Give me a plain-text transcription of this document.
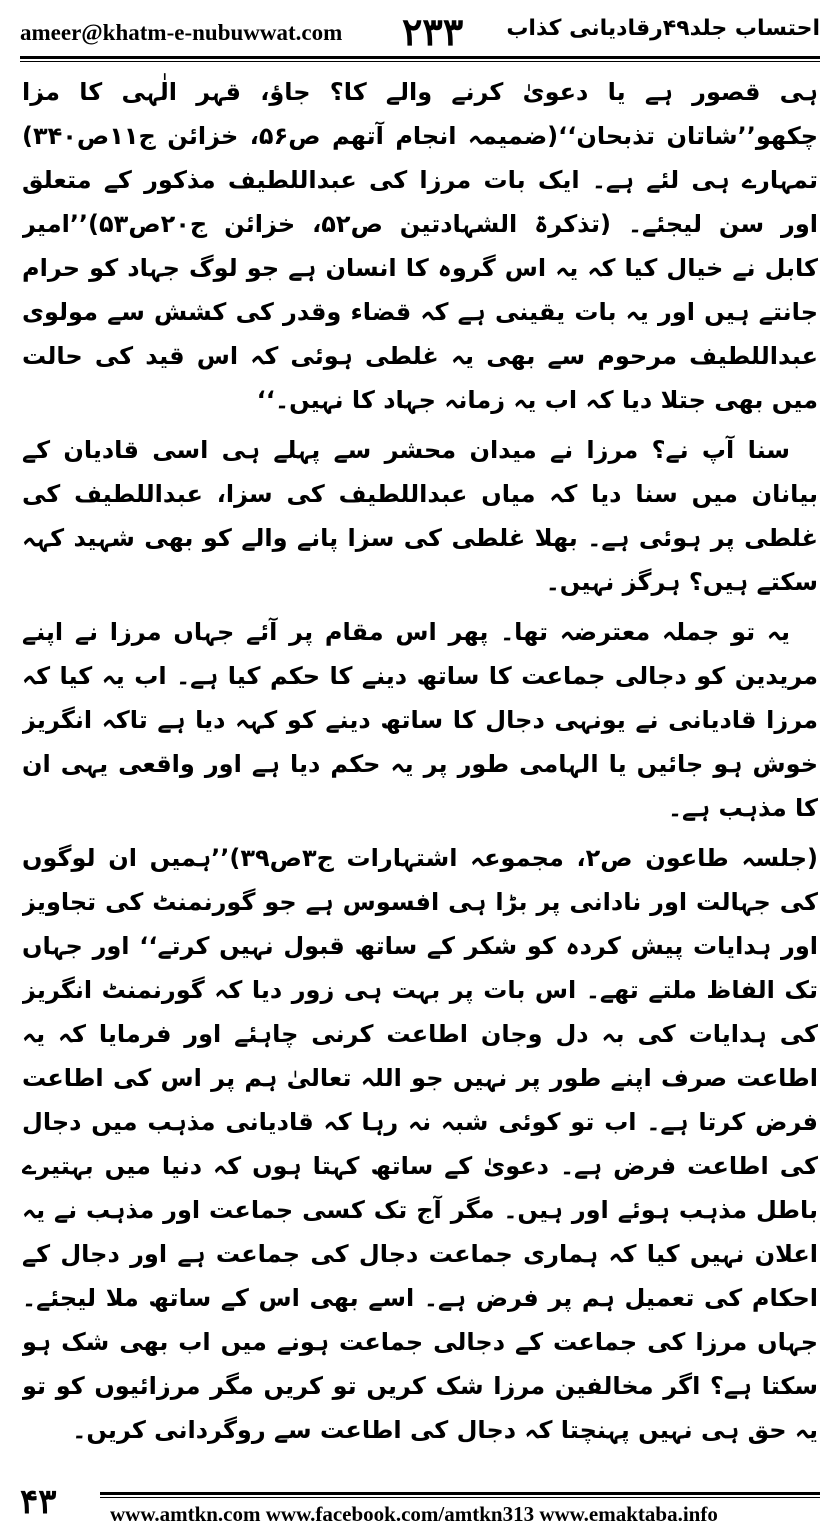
ameer@khatm-e-nubuwwat.com ۲۳۳ احتساب جلد۴۹رقادیانی کذاب

ہی قصور ہے یا دعویٰ کرنے والے کا؟ جاؤ، قہر الٰہی کا مزا چکھو’’شاتان تذبحان‘‘(ضمیمہ انجام آتھم ص۵۶، خزائن ج۱۱ص۳۴۰) تمہارے ہی لئے ہے۔ ایک بات مرزا کی عبداللطیف مذکور کے متعلق اور سن لیجئے۔ (تذکرۃ الشہادتین ص۵۲، خزائن ج۲۰ص۵۳)’’امیر کابل نے خیال کیا کہ یہ اس گروہ کا انسان ہے جو لوگ جہاد کو حرام جانتے ہیں اور یہ بات یقینی ہے کہ قضاء وقدر کی کشش سے مولوی عبداللطیف مرحوم سے بھی یہ غلطی ہوئی کہ اس قید کی حالت میں بھی جتلا دیا کہ اب یہ زمانہ جہاد کا نہیں۔‘‘

سنا آپ نے؟ مرزا نے میدان محشر سے پہلے ہی اسی قادیان کے بیانان میں سنا دیا کہ میاں عبداللطیف کی سزا، عبداللطیف کی غلطی پر ہوئی ہے۔ بھلا غلطی کی سزا پانے والے کو بھی شہید کہہ سکتے ہیں؟ ہرگز نہیں۔

یہ تو جملہ معترضہ تھا۔ پھر اس مقام پر آئے جہاں مرزا نے اپنے مریدین کو دجالی جماعت کا ساتھ دینے کا حکم کیا ہے۔ اب یہ کیا کہ مرزا قادیانی نے یونہی دجال کا ساتھ دینے کو کہہ دیا ہے تاکہ انگریز خوش ہو جائیں یا الہامی طور پر یہ حکم دیا ہے اور واقعی یہی ان کا مذہب ہے۔

(جلسہ طاعون ص۲، مجموعہ اشتہارات ج۳ص۳۹)’’ہمیں ان لوگوں کی جہالت اور نادانی پر بڑا ہی افسوس ہے جو گورنمنٹ کی تجاویز اور ہدایات پیش کردہ کو شکر کے ساتھ قبول نہیں کرتے‘‘ اور جہاں تک الفاظ ملتے تھے۔ اس بات پر بہت ہی زور دیا کہ گورنمنٹ انگریز کی ہدایات کی بہ دل وجان اطاعت کرنی چاہئے اور فرمایا کہ یہ اطاعت صرف اپنے طور پر نہیں جو اللہ تعالیٰ ہم پر اس کی اطاعت فرض کرتا ہے۔ اب تو کوئی شبہ نہ رہا کہ قادیانی مذہب میں دجال کی اطاعت فرض ہے۔ دعویٰ کے ساتھ کہتا ہوں کہ دنیا میں بہتیرے باطل مذہب ہوئے اور ہیں۔ مگر آج تک کسی جماعت اور مذہب نے یہ اعلان نہیں کیا کہ ہماری جماعت دجال کی جماعت ہے اور دجال کے احکام کی تعمیل ہم پر فرض ہے۔ اسے بھی اس کے ساتھ ملا لیجئے۔ جہاں مرزا کی جماعت کے دجالی جماعت ہونے میں اب بھی شک ہو سکتا ہے؟ اگر مخالفین مرزا شک کریں تو کریں مگر مرزائیوں کو تو یہ حق ہی نہیں پہنچتا کہ دجال کی اطاعت سے روگردانی کریں۔

۴۳	www.amtkn.com www.facebook.com/amtkn313 www.emaktaba.info
